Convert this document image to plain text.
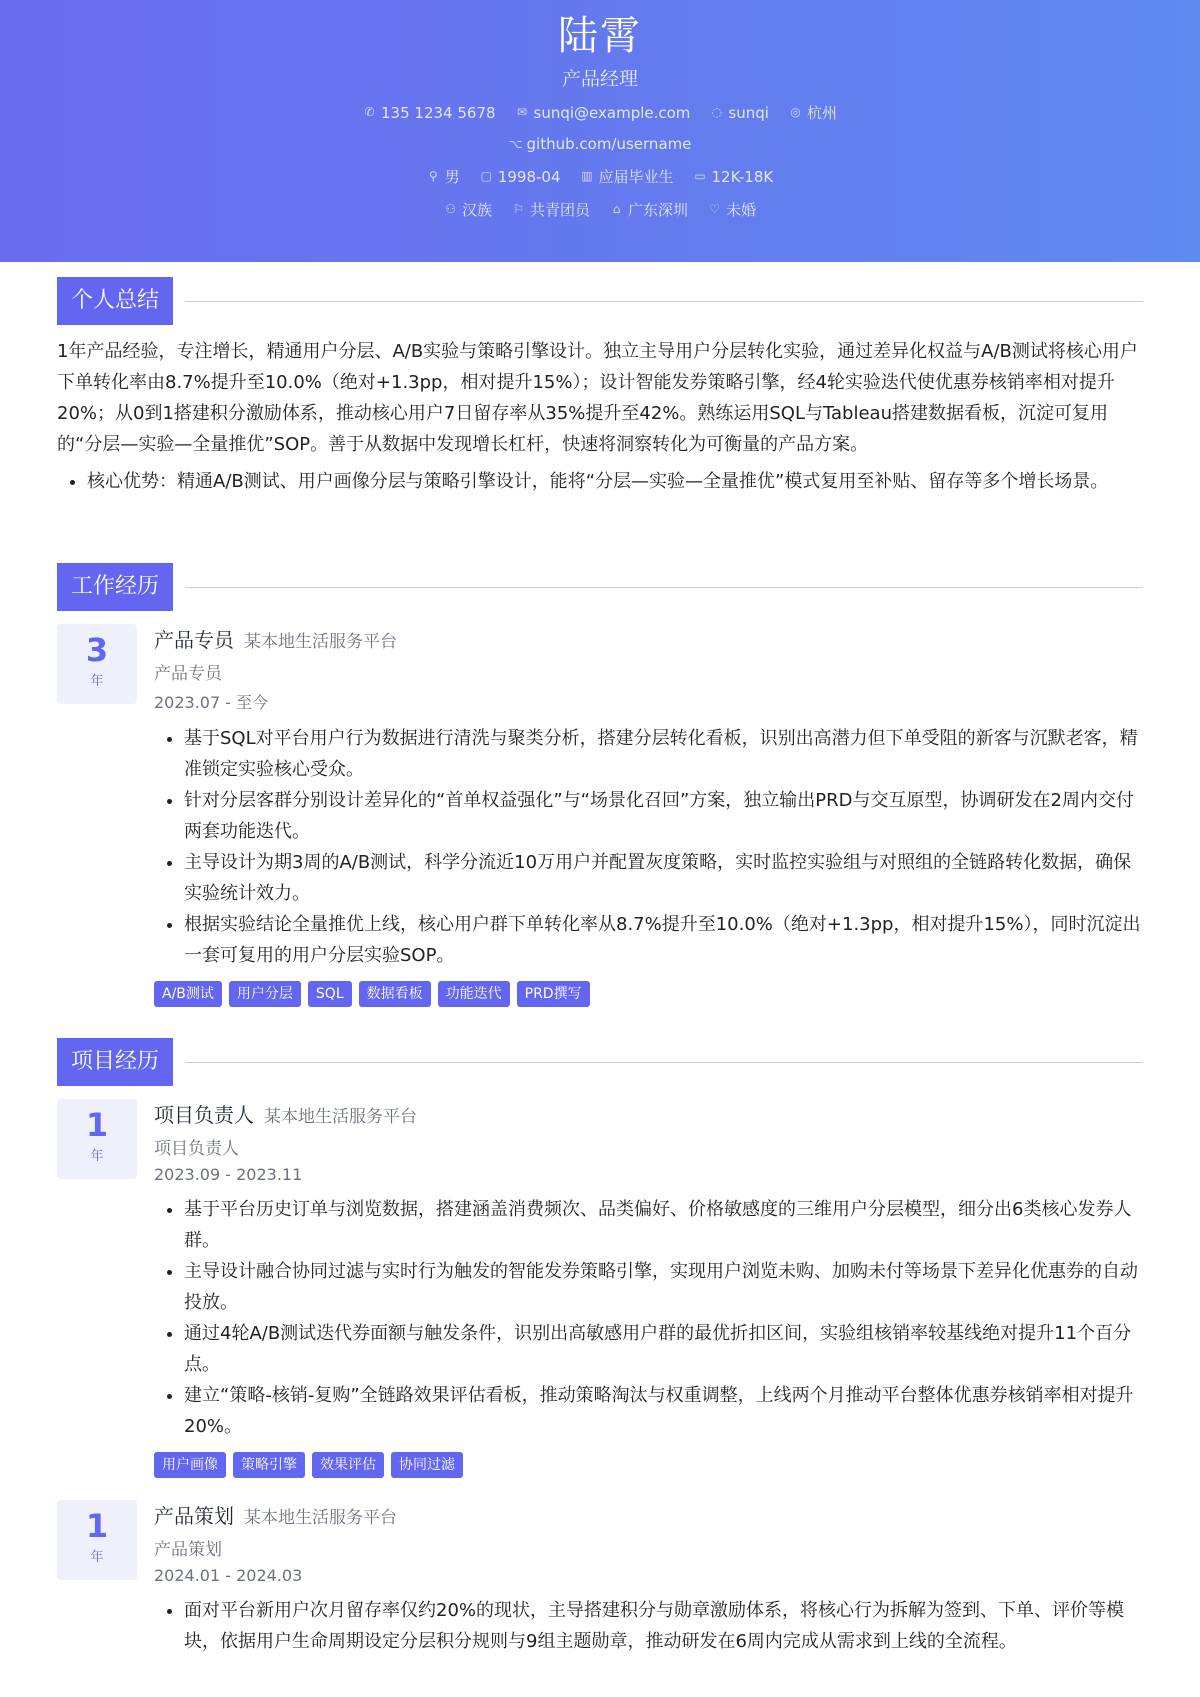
陆霄
产品经理
✆ 135 1234 5678 ✉ sunqi@example.com ◌ sunqi ◎ 杭州
⌥ github.com/username
⚲ 男 ▢ 1998-04 ▥ 应届毕业生 ▭ 12K-18K
⚇ 汉族 ⚐ 共青团员 ⌂ 广东深圳 ♡ 未婚
个人总结

1年产品经验，专注增长，精通用户分层、A/B实验与策略引擎设计。独立主导用户分层转化实验，通过差异化权益与A/B测试将核心用户下单转化率由8.7%提升至10.0%（绝对+1.3pp，相对提升15%）；设计智能发券策略引擎，经4轮实验迭代使优惠券核销率相对提升20%；从0到1搭建积分激励体系，推动核心用户7日留存率从35%提升至42%。熟练运用SQL与Tableau搭建数据看板，沉淀可复用的“分层—实验—全量推优”SOP。善于从数据中发现增长杠杆，快速将洞察转化为可衡量的产品方案。

• 核心优势：精通A/B测试、用户画像分层与策略引擎设计，能将“分层—实验—全量推优”模式复用至补贴、留存等多个增长场景。
工作经历
3
年
产品专员 某本地生活服务平台
产品专员
2023.07 - 至今
• 基于SQL对平台用户行为数据进行清洗与聚类分析，搭建分层转化看板，识别出高潜力但下单受阻的新客与沉默老客，精准锁定实验核心受众。
• 针对分层客群分别设计差异化的“首单权益强化”与“场景化召回”方案，独立输出PRD与交互原型，协调研发在2周内交付两套功能迭代。
• 主导设计为期3周的A/B测试，科学分流近10万用户并配置灰度策略，实时监控实验组与对照组的全链路转化数据，确保实验统计效力。
• 根据实验结论全量推优上线，核心用户群下单转化率从8.7%提升至10.0%（绝对+1.3pp，相对提升15%），同时沉淀出一套可复用的用户分层实验SOP。
A/B测试	用户分层	SQL	数据看板	功能迭代	PRD撰写
项目经历
1
年
项目负责人 某本地生活服务平台
项目负责人
2023.09 - 2023.11
• 基于平台历史订单与浏览数据，搭建涵盖消费频次、品类偏好、价格敏感度的三维用户分层模型，细分出6类核心发券人群。
• 主导设计融合协同过滤与实时行为触发的智能发券策略引擎，实现用户浏览未购、加购未付等场景下差异化优惠券的自动投放。
• 通过4轮A/B测试迭代券面额与触发条件，识别出高敏感用户群的最优折扣区间，实验组核销率较基线绝对提升11个百分点。
• 建立“策略-核销-复购”全链路效果评估看板，推动策略淘汰与权重调整，上线两个月推动平台整体优惠券核销率相对提升20%。
用户画像	策略引擎	效果评估	协同过滤
1
年
产品策划 某本地生活服务平台
产品策划
2024.01 - 2024.03
• 面对平台新用户次月留存率仅约20%的现状，主导搭建积分与勋章激励体系，将核心行为拆解为签到、下单、评价等模块，依据用户生命周期设定分层积分规则与9组主题勋章，推动研发在6周内完成从需求到上线的全流程。
